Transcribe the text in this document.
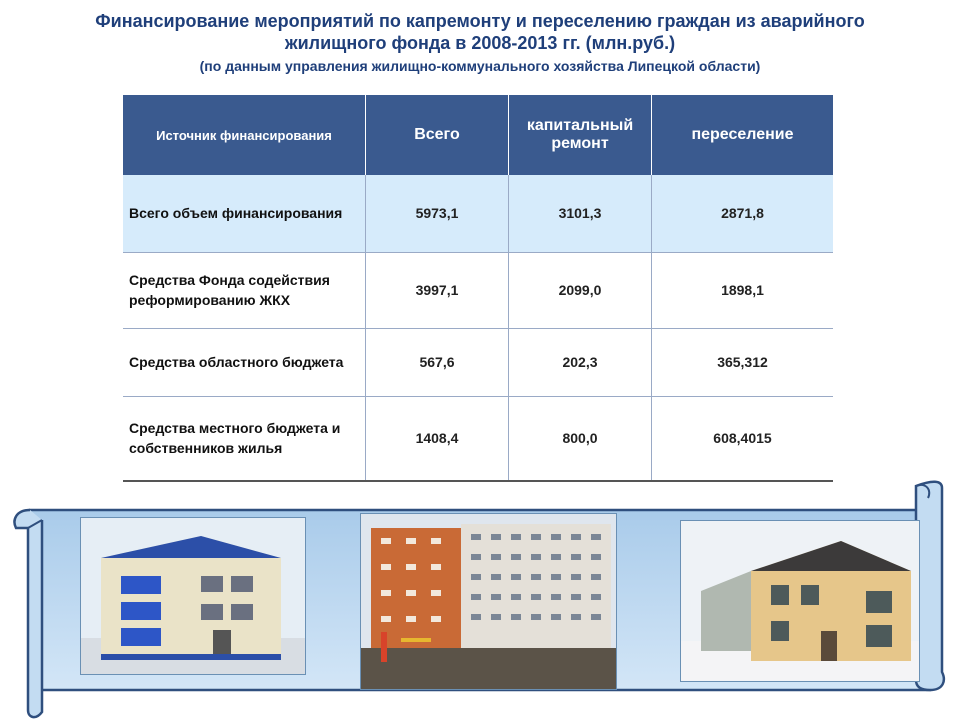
Финансирование мероприятий по капремонту и переселению граждан из аварийного
жилищного фонда в 2008-2013 гг. (млн.руб.)
(по данным управления жилищно-коммунального хозяйства Липецкой области)
Источник финансирования	Всего	капитальный ремонт	переселение
Всего объем финансирования	5973,1	3101,3	2871,8
Средства Фонда содействия реформированию ЖКХ	3997,1	2099,0	1898,1
Средства областного бюджета	567,6	202,3	365,312
Средства местного бюджета и собственников жилья	1408,4	800,0	608,4015
